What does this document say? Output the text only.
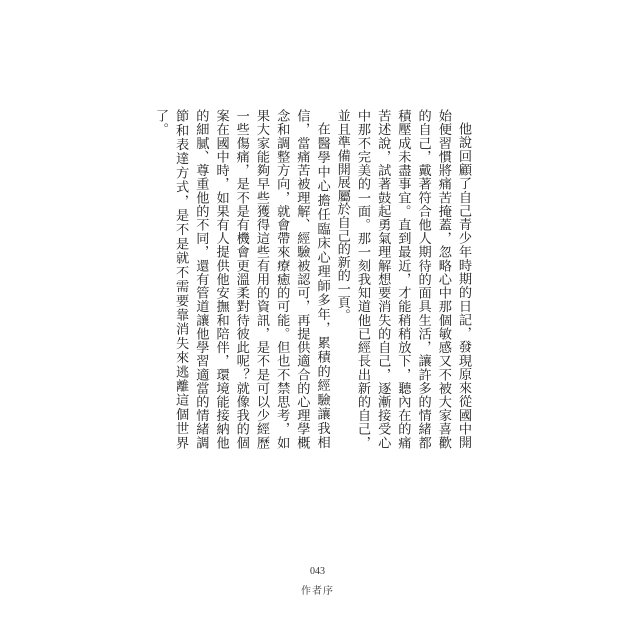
他說回顧了自己青少年時期的日記，發現原來從國中開始便習慣將痛苦掩蓋，忽略心中那個敏感又不被大家喜歡的自己，戴著符合他人期待的面具生活，讓許多的情緒都積壓成未盡事宜。直到最近，才能稍稍放下，聽內在的痛苦述說，試著鼓起勇氣理解想要消失的自己，逐漸接受心中那不完美的一面。那一刻我知道他已經長出新的自己，並且準備開展屬於自己的新的一頁。

在醫學中心擔任臨床心理師多年，累積的經驗讓我相信，當痛苦被理解、經驗被認可，再提供適合的心理學概念和調整方向，就會帶來療癒的可能。但也不禁思考，如果大家能夠早些獲得這些有用的資訊，是不是可以少經歷一些傷痛，是不是有機會更溫柔對待彼此呢？就像我的個案在國中時，如果有人提供他安撫和陪伴，環境能接納他的細膩、尊重他的不同，還有管道讓他學習適當的情緒調節和表達方式，是不是就不需要靠消失來逃離這個世界了。

043
作者序
